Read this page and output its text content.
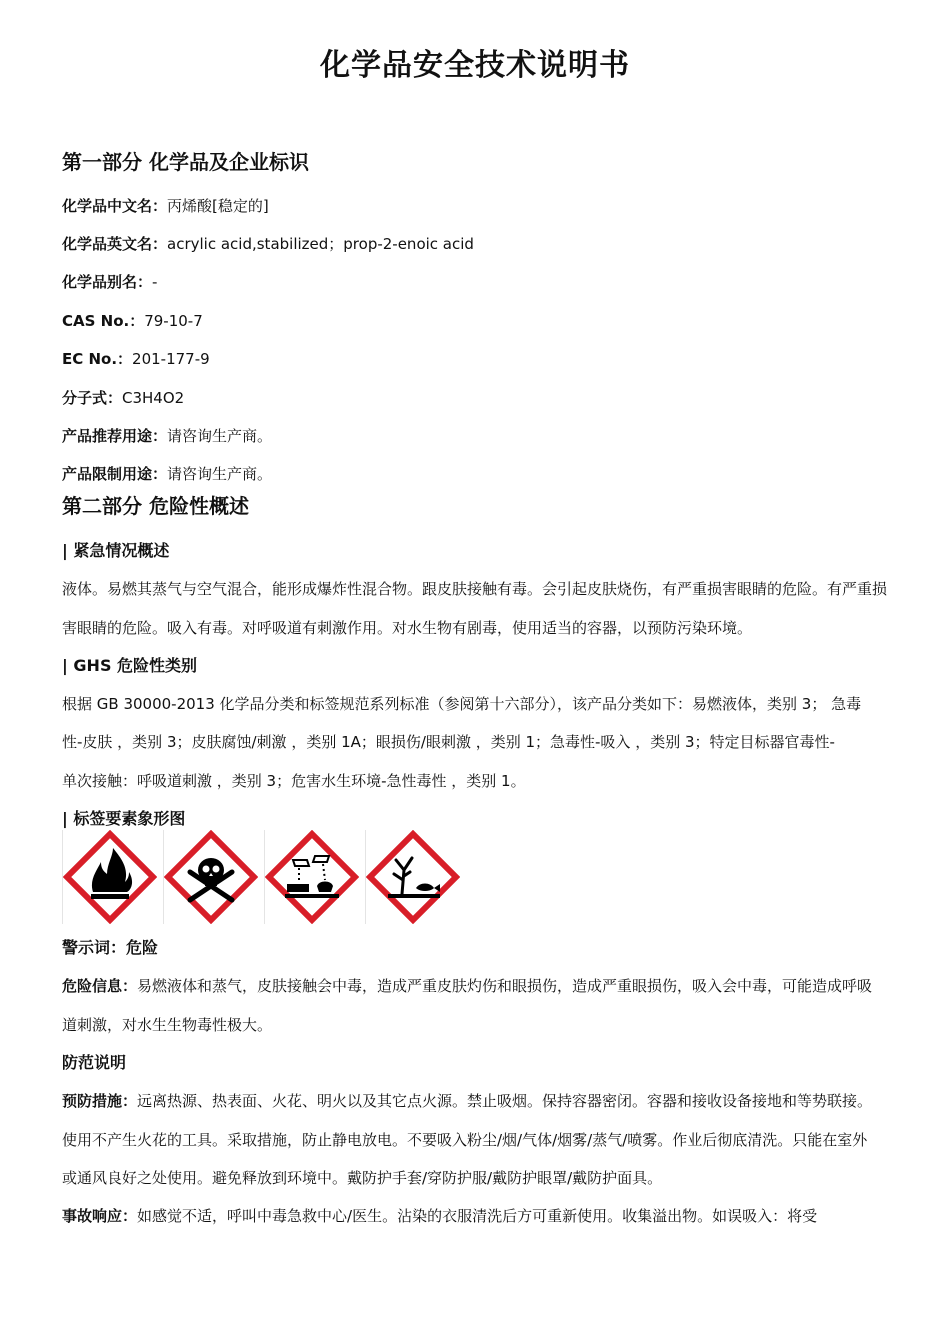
化学品安全技术说明书
第一部分 化学品及企业标识
化学品中文名：丙烯酸[稳定的]
化学品英文名：acrylic acid,stabilized；prop-2-enoic acid
化学品别名：-
CAS No.：79-10-7
EC No.：201-177-9
分子式：C3H4O2
产品推荐用途：请咨询生产商。
产品限制用途：请咨询生产商。
第二部分 危险性概述
| 紧急情况概述
液体。易燃其蒸气与空气混合，能形成爆炸性混合物。跟皮肤接触有毒。会引起皮肤烧伤，有严重损害眼睛的危险。有严重损
害眼睛的危险。吸入有毒。对呼吸道有刺激作用。对水生物有剧毒，使用适当的容器，以预防污染环境。
| GHS 危险性类别
根据 GB 30000-2013 化学品分类和标签规范系列标准（参阅第十六部分），该产品分类如下：易燃液体，类别 3； 急毒
性-皮肤 ，类别 3；皮肤腐蚀/刺激 ，类别 1A；眼损伤/眼刺激 ，类别 1；急毒性-吸入 ，类别 3；特定目标器官毒性-
单次接触：呼吸道刺激 ，类别 3；危害水生环境-急性毒性 ，类别 1。
| 标签要素象形图
警示词：危险
危险信息：易燃液体和蒸气，皮肤接触会中毒，造成严重皮肤灼伤和眼损伤，造成严重眼损伤，吸入会中毒，可能造成呼吸
道刺激，对水生生物毒性极大。
防范说明
预防措施：远离热源、热表面、火花、明火以及其它点火源。禁止吸烟。保持容器密闭。容器和接收设备接地和等势联接。
使用不产生火花的工具。采取措施，防止静电放电。不要吸入粉尘/烟/气体/烟雾/蒸气/喷雾。作业后彻底清洗。只能在室外
或通风良好之处使用。避免释放到环境中。戴防护手套/穿防护服/戴防护眼罩/戴防护面具。
事故响应：如感觉不适，呼叫中毒急救中心/医生。沾染的衣服清洗后方可重新使用。收集溢出物。如误吸入：将受
